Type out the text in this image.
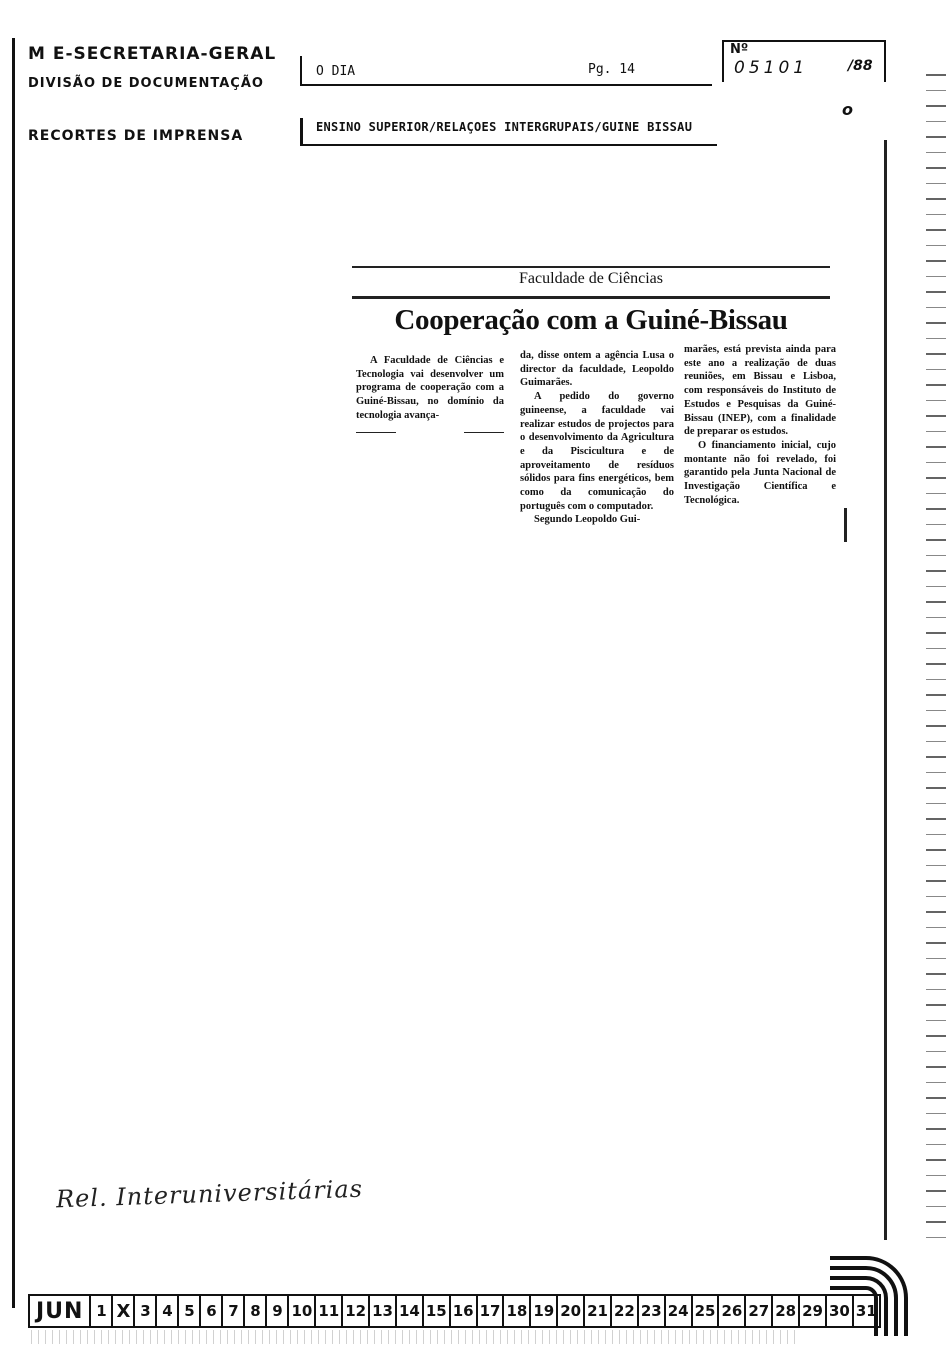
M E-SECRETARIA-GERAL
DIVISÃO DE DOCUMENTAÇÃO
RECORTES DE IMPRENSA
O DIA	Pg. 14
Nº
05101	/88
o
ENSINO SUPERIOR/RELAÇOES INTERGRUPAIS/GUINE BISSAU
Faculdade de Ciências
Cooperação com a Guiné-Bissau
A Faculdade de Ciências e Tecnologia vai desenvolver um programa de cooperação com a Guiné-Bissau, no domínio da tecnologia avança-
da, disse ontem a agência Lusa o director da faculdade, Leopoldo Guimarães.
A pedido do governo guineense, a faculdade vai realizar estudos de projectos para o desenvolvimento da Agricultura e da Piscicultura e de aproveitamento de resíduos sólidos para fins energéticos, bem como da comunicação do português com o computador.
Segundo Leopoldo Gui-
marães, está prevista ainda para este ano a realização de duas reuniões, em Bissau e Lisboa, com responsáveis do Instituto de Estudos e Pesquisas da Guiné-Bissau (INEP), com a finalidade de preparar os estudos.
O financiamento inicial, cujo montante não foi revelado, foi garantido pela Junta Nacional de Investigação Científica e Tecnológica.
Rel. Interuniversitárias
JUN 1 X 3 4 5 6 7 8 9 10 11 12 13 14 15 16 17 18 19 20 21 22 23 24 25 26 27 28 29 30 31
